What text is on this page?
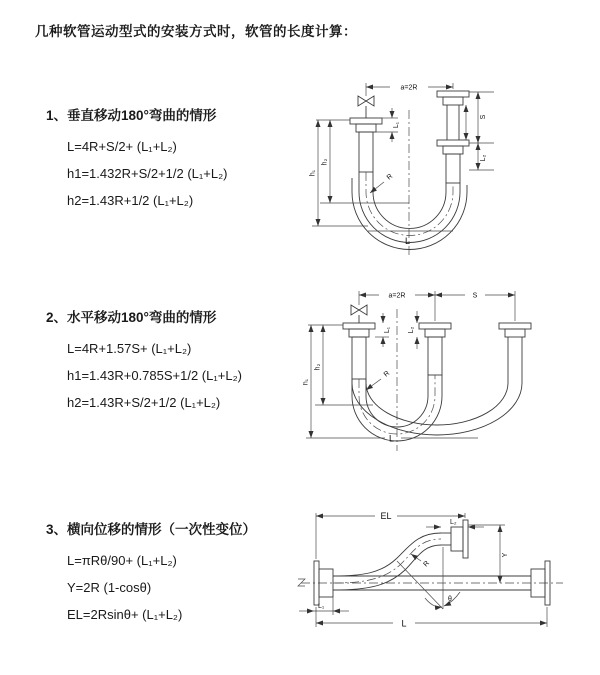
几种软管运动型式的安装方式时，软管的长度计算：

1、垂直移动180°弯曲的情形

L=4R+S/2+ (L₁+L₂)

h1=1.432R+S/2+1/2 (L₁+L₂)

h2=1.43R+1/2 (L₁+L₂)

2、水平移动180°弯曲的情形

L=4R+1.57S+ (L₁+L₂)

h1=1.43R+0.785S+1/2 (L₁+L₂)

h2=1.43R+S/2+1/2 (L₁+L₂)

3、横向位移的情形（一次性变位）

L=πRθ/90+ (L₁+L₂)

Y=2R (1-cosθ)

EL=2Rsinθ+ (L₁+L₂)

a=2R
L₁
S
L₂
h₂
h₁	R
L
a=2R	S
L₁ L₂
h₂
h₁
R
L
EL
L₂
Y
θ
R
L₁
L
